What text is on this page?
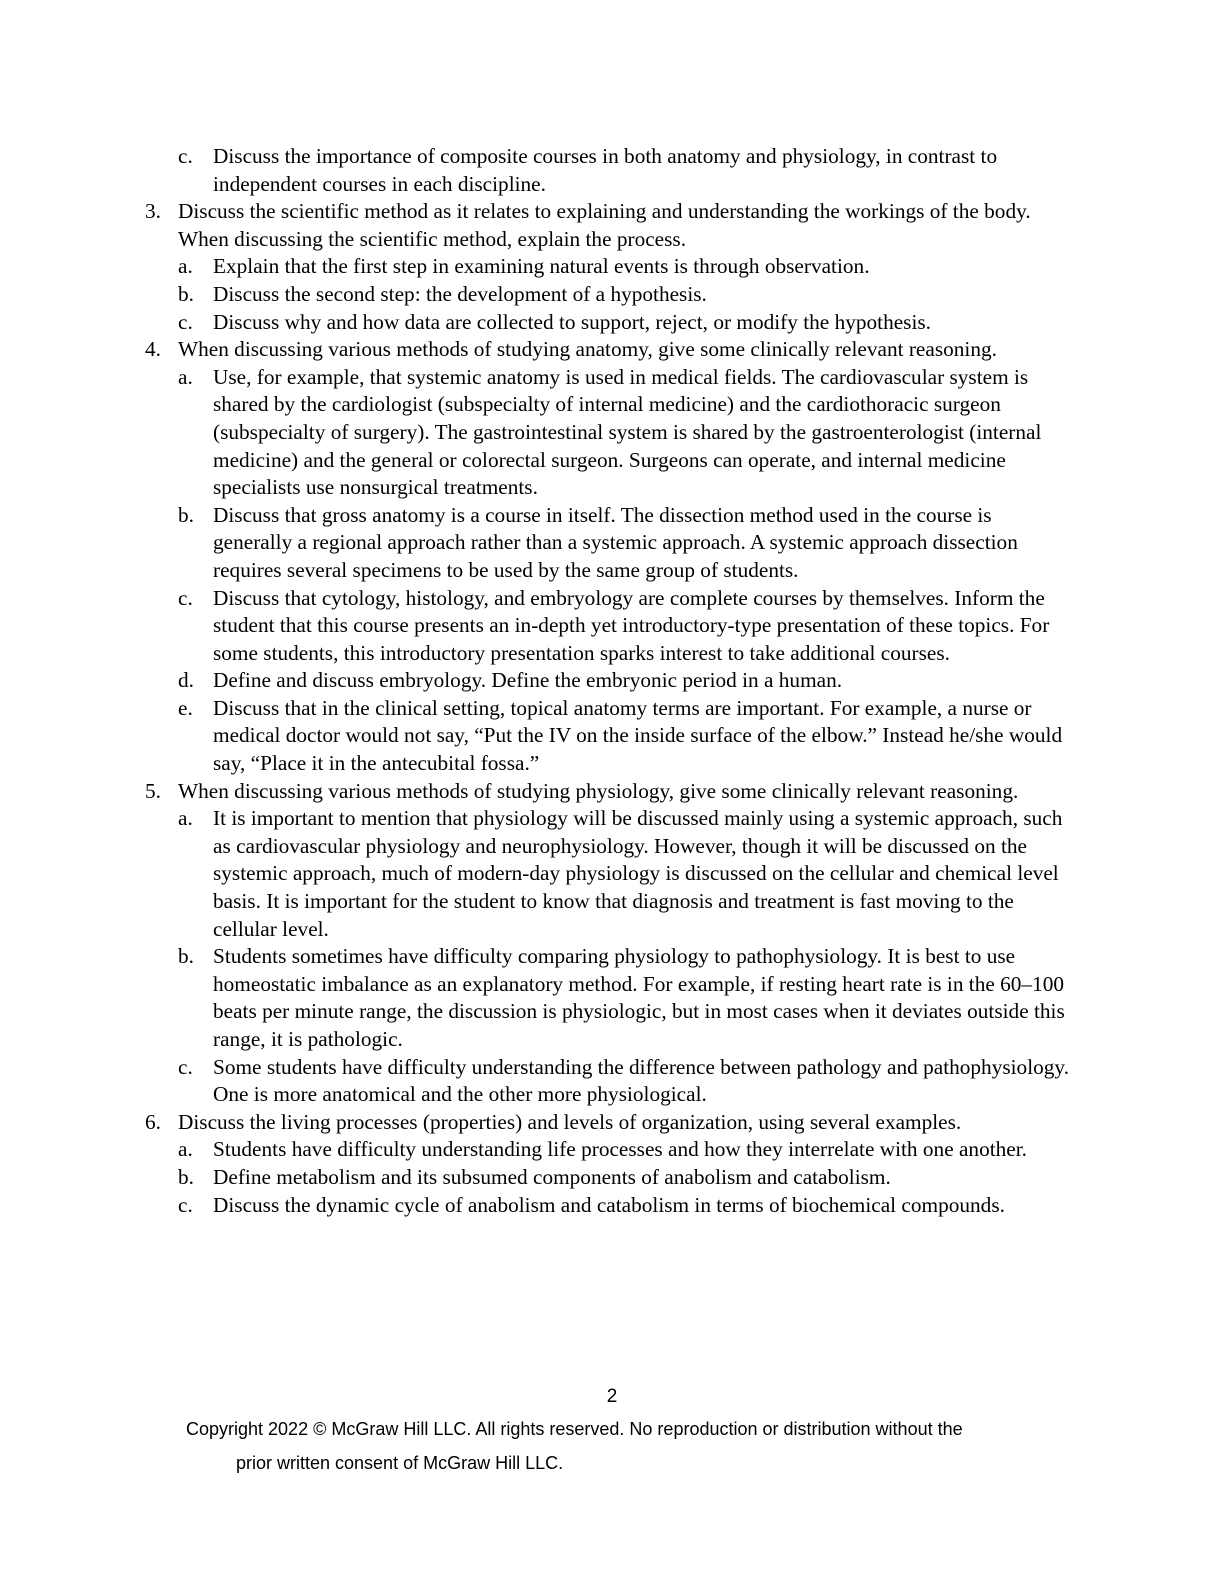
c. Discuss the importance of composite courses in both anatomy and physiology, in contrast to independent courses in each discipline.
3. Discuss the scientific method as it relates to explaining and understanding the workings of the body. When discussing the scientific method, explain the process.
a. Explain that the first step in examining natural events is through observation.
b. Discuss the second step: the development of a hypothesis.
c. Discuss why and how data are collected to support, reject, or modify the hypothesis.
4. When discussing various methods of studying anatomy, give some clinically relevant reasoning.
a. Use, for example, that systemic anatomy is used in medical fields. The cardiovascular system is shared by the cardiologist (subspecialty of internal medicine) and the cardiothoracic surgeon (subspecialty of surgery). The gastrointestinal system is shared by the gastroenterologist (internal medicine) and the general or colorectal surgeon. Surgeons can operate, and internal medicine specialists use nonsurgical treatments.
b. Discuss that gross anatomy is a course in itself. The dissection method used in the course is generally a regional approach rather than a systemic approach. A systemic approach dissection requires several specimens to be used by the same group of students.
c. Discuss that cytology, histology, and embryology are complete courses by themselves. Inform the student that this course presents an in-depth yet introductory-type presentation of these topics. For some students, this introductory presentation sparks interest to take additional courses.
d. Define and discuss embryology. Define the embryonic period in a human.
e. Discuss that in the clinical setting, topical anatomy terms are important. For example, a nurse or medical doctor would not say, “Put the IV on the inside surface of the elbow.” Instead he/she would say, “Place it in the antecubital fossa.”
5. When discussing various methods of studying physiology, give some clinically relevant reasoning.
a. It is important to mention that physiology will be discussed mainly using a systemic approach, such as cardiovascular physiology and neurophysiology. However, though it will be discussed on the systemic approach, much of modern-day physiology is discussed on the cellular and chemical level basis. It is important for the student to know that diagnosis and treatment is fast moving to the cellular level.
b. Students sometimes have difficulty comparing physiology to pathophysiology. It is best to use homeostatic imbalance as an explanatory method. For example, if resting heart rate is in the 60–100 beats per minute range, the discussion is physiologic, but in most cases when it deviates outside this range, it is pathologic.
c. Some students have difficulty understanding the difference between pathology and pathophysiology. One is more anatomical and the other more physiological.
6. Discuss the living processes (properties) and levels of organization, using several examples.
a. Students have difficulty understanding life processes and how they interrelate with one another.
b. Define metabolism and its subsumed components of anabolism and catabolism.
c. Discuss the dynamic cycle of anabolism and catabolism in terms of biochemical compounds.
2
Copyright 2022 © McGraw Hill LLC. All rights reserved. No reproduction or distribution without the
prior written consent of McGraw Hill LLC.
